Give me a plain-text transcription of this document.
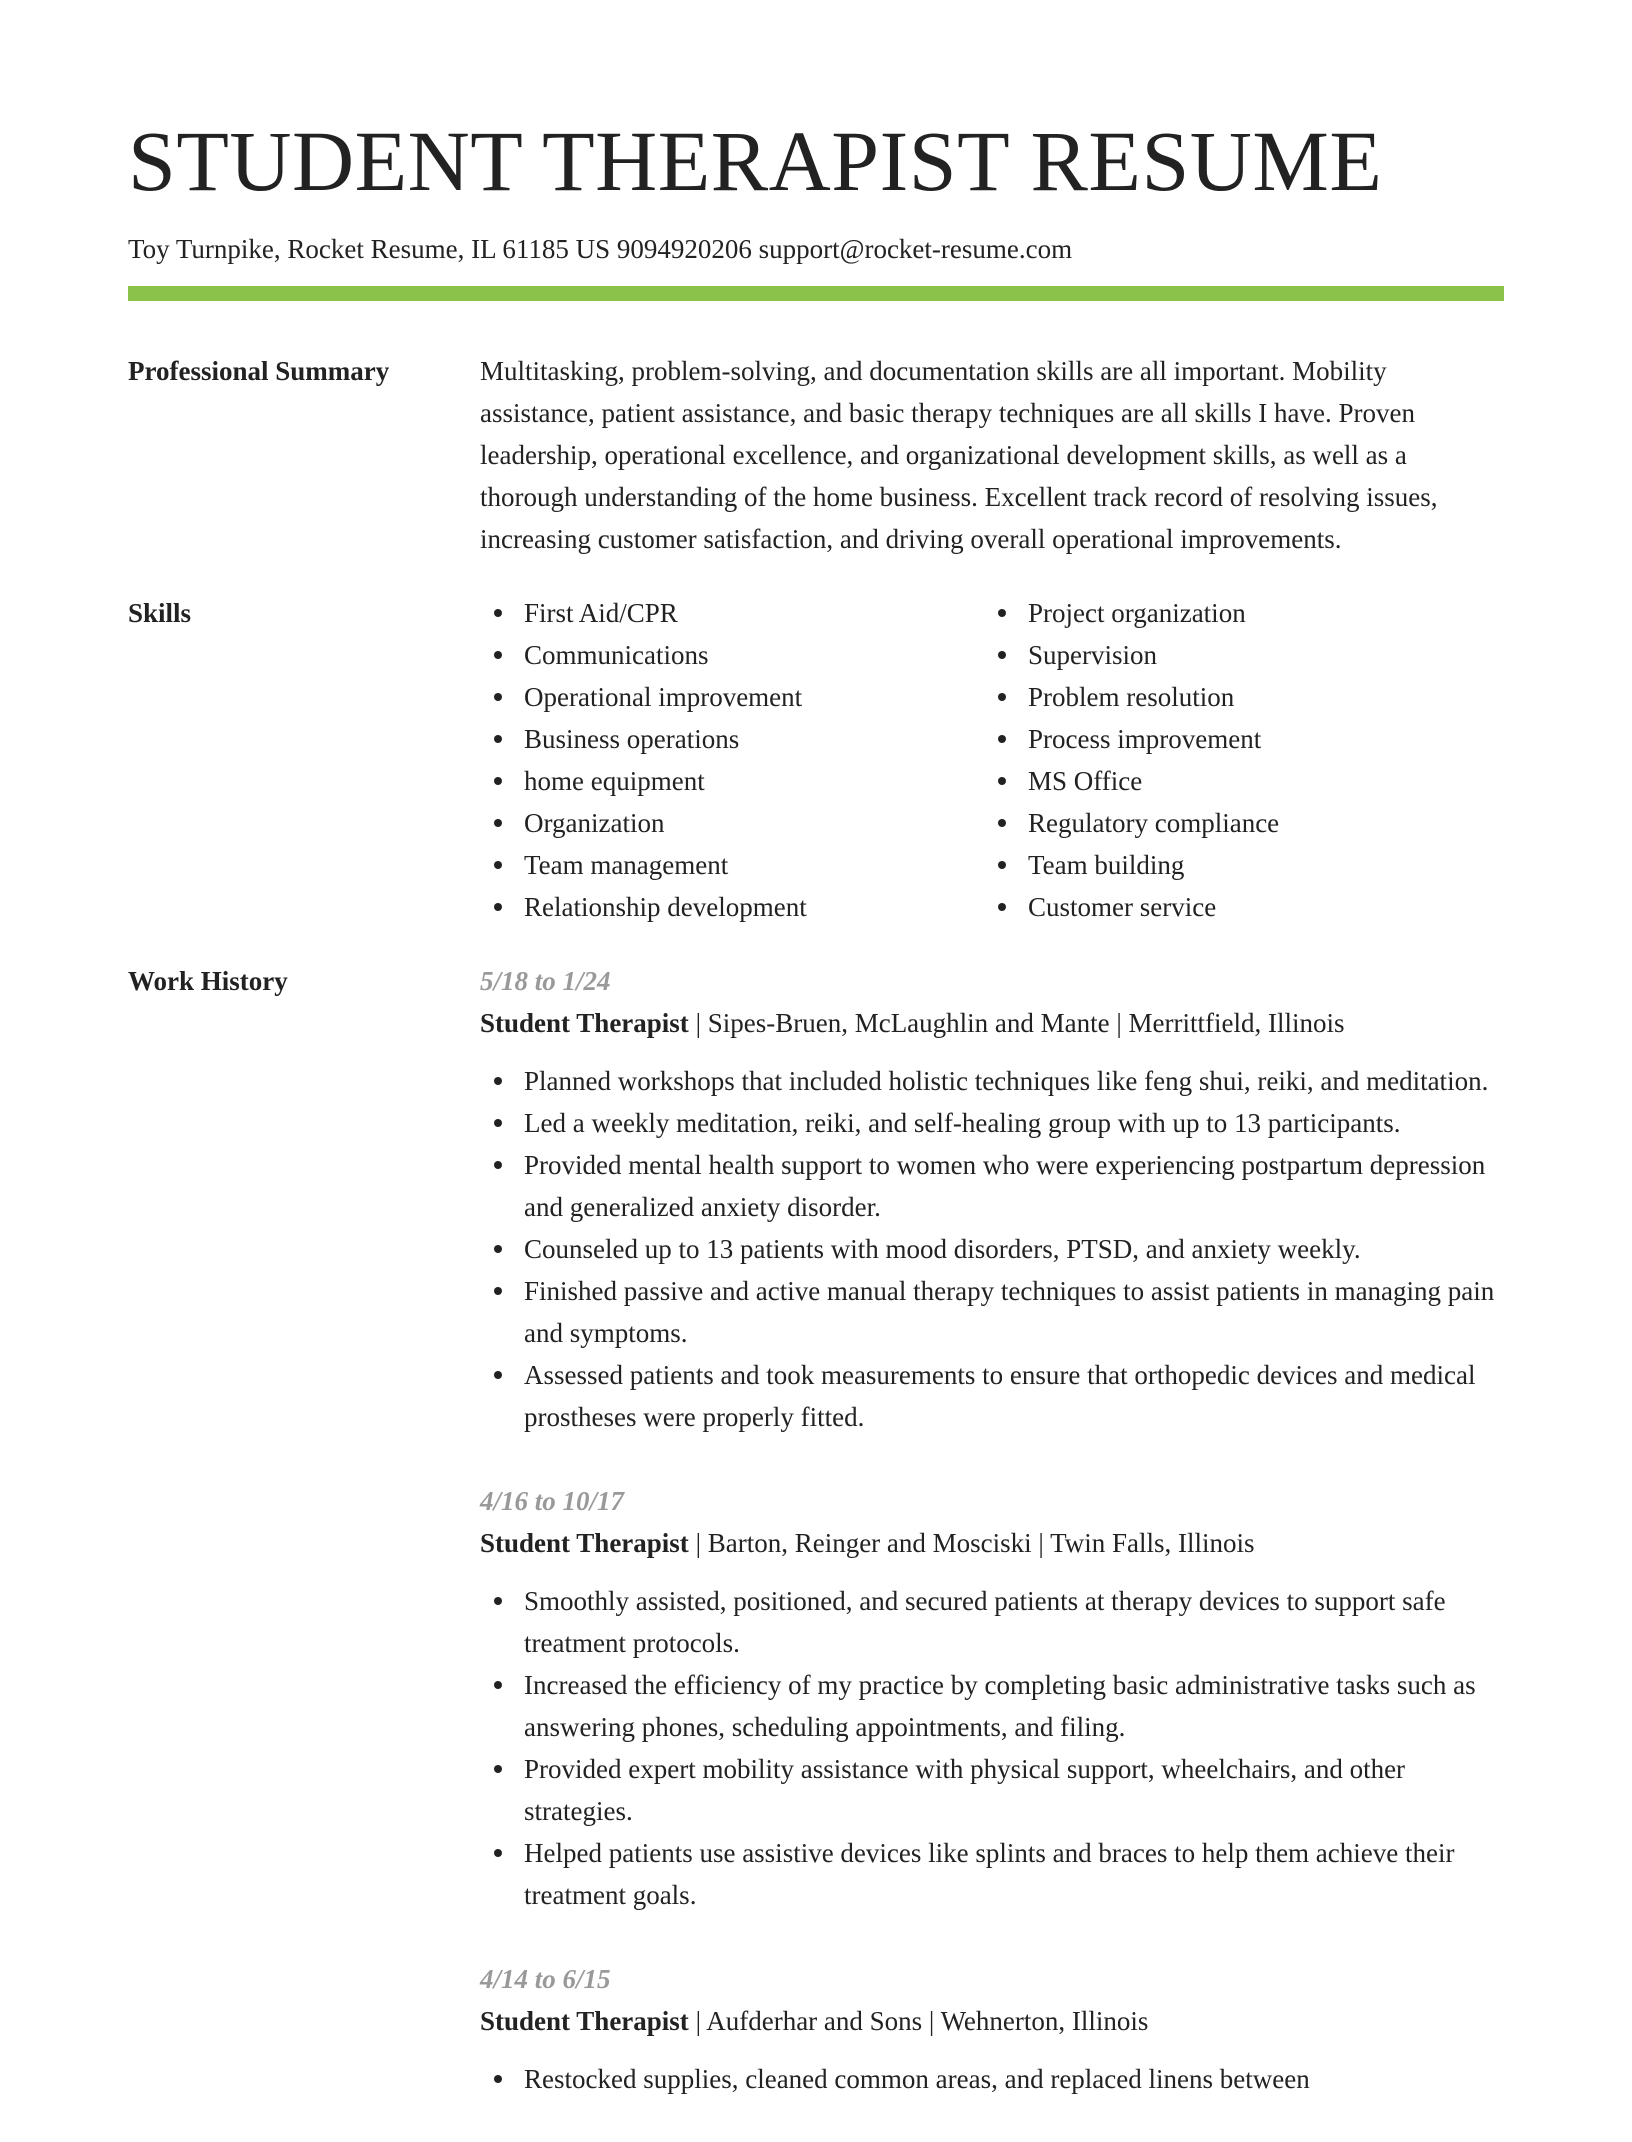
STUDENT THERAPIST RESUME
Toy Turnpike, Rocket Resume, IL 61185 US 9094920206 support@rocket-resume.com
Professional Summary	Multitasking, problem-solving, and documentation skills are all important. Mobility assistance, patient assistance, and basic therapy techniques are all skills I have. Proven leadership, operational excellence, and organizational development skills, as well as a thorough understanding of the home business. Excellent track record of resolving issues, increasing customer satisfaction, and driving overall operational improvements.

Skills	First Aid/CPR
Communications
Operational improvement
Business operations
home equipment
Organization
Team management
Relationship development
Project organization
Supervision
Problem resolution
Process improvement
MS Office
Regulatory compliance
Team building
Customer service
Work History	5/18 to 1/24
Student Therapist | Sipes-Bruen, McLaughlin and Mante | Merrittfield, Illinois
Planned workshops that included holistic techniques like feng shui, reiki, and meditation.
Led a weekly meditation, reiki, and self-healing group with up to 13 participants.
Provided mental health support to women who were experiencing postpartum depression and generalized anxiety disorder.
Counseled up to 13 patients with mood disorders, PTSD, and anxiety weekly.
Finished passive and active manual therapy techniques to assist patients in managing pain and symptoms.
Assessed patients and took measurements to ensure that orthopedic devices and medical prostheses were properly fitted.
4/16 to 10/17
Student Therapist | Barton, Reinger and Mosciski | Twin Falls, Illinois
Smoothly assisted, positioned, and secured patients at therapy devices to support safe treatment protocols.
Increased the efficiency of my practice by completing basic administrative tasks such as answering phones, scheduling appointments, and filing.
Provided expert mobility assistance with physical support, wheelchairs, and other strategies.
Helped patients use assistive devices like splints and braces to help them achieve their treatment goals.
4/14 to 6/15
Student Therapist | Aufderhar and Sons | Wehnerton, Illinois
Restocked supplies, cleaned common areas, and replaced linens between
